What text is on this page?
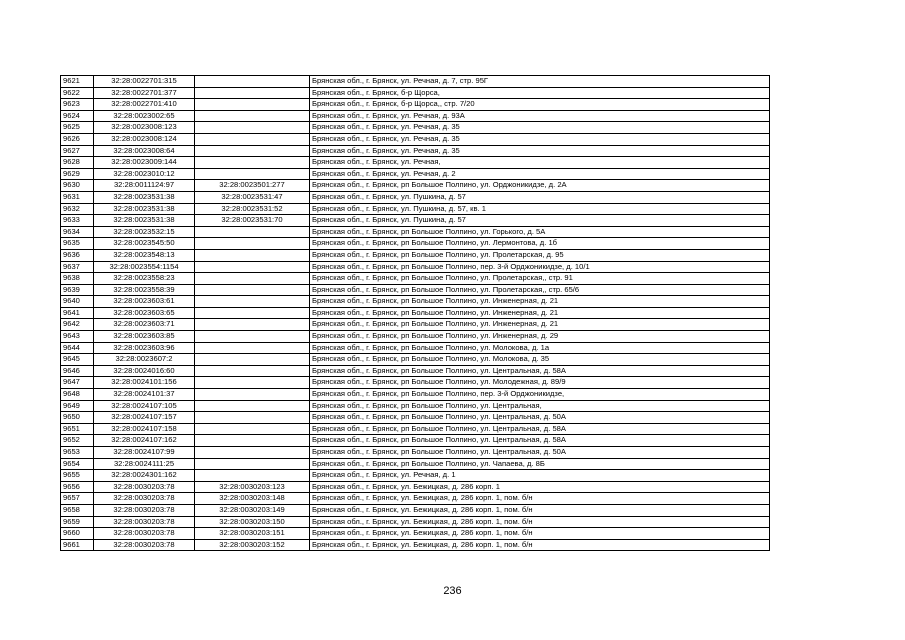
9621	32:28:0022701:315		Брянская обл., г. Брянск, ул. Речная, д. 7, стр. 95Г
9622	32:28:0022701:377		Брянская обл., г. Брянск, б-р Щорса,
9623	32:28:0022701:410		Брянская обл., г. Брянск, б-р Щорса,, стр. 7/20
9624	32:28:0023002:65		Брянская обл., г. Брянск, ул. Речная, д. 93А
9625	32:28:0023008:123		Брянская обл., г. Брянск, ул. Речная, д. 35
9626	32:28:0023008:124		Брянская обл., г. Брянск, ул. Речная, д. 35
9627	32:28:0023008:64		Брянская обл., г. Брянск, ул. Речная, д. 35
9628	32:28:0023009:144		Брянская обл., г. Брянск, ул. Речная,
9629	32:28:0023010:12		Брянская обл., г. Брянск, ул. Речная, д. 2
9630	32:28:0011124:97	32:28:0023501:277	Брянская обл., г. Брянск, рп Большое Полпино, ул. Орджоникидзе, д. 2А
9631	32:28:0023531:38	32:28:0023531:47	Брянская обл., г. Брянск, ул. Пушкина, д. 57
9632	32:28:0023531:38	32:28:0023531:52	Брянская обл., г. Брянск, ул. Пушкина, д. 57, кв. 1
9633	32:28:0023531:38	32:28:0023531:70	Брянская обл., г. Брянск, ул. Пушкина, д. 57
9634	32:28:0023532:15		Брянская обл., г. Брянск, рп Большое Полпино, ул. Горького, д. 5А
9635	32:28:0023545:50		Брянская обл., г. Брянск, рп Большое Полпино, ул. Лермонтова, д. 1б
9636	32:28:0023548:13		Брянская обл., г. Брянск, рп Большое Полпино, ул. Пролетарская, д. 95
9637	32:28:0023554:1154		Брянская обл., г. Брянск, рп Большое Полпино, пер. 3-й Орджоникидзе, д. 10/1
9638	32:28:0023558:23		Брянская обл., г. Брянск, рп Большое Полпино, ул. Пролетарская,, стр. 91
9639	32:28:0023558:39		Брянская обл., г. Брянск, рп Большое Полпино, ул. Пролетарская,, стр. 65/6
9640	32:28:0023603:61		Брянская обл., г. Брянск, рп Большое Полпино, ул. Инженерная, д. 21
9641	32:28:0023603:65		Брянская обл., г. Брянск, рп Большое Полпино, ул. Инженерная, д. 21
9642	32:28:0023603:71		Брянская обл., г. Брянск, рп Большое Полпино, ул. Инженерная, д. 21
9643	32:28:0023603:85		Брянская обл., г. Брянск, рп Большое Полпино, ул. Инженерная, д. 29
9644	32:28:0023603:96		Брянская обл., г. Брянск, рп Большое Полпино, ул. Молокова, д. 1а
9645	32:28:0023607:2		Брянская обл., г. Брянск, рп Большое Полпино, ул. Молокова, д. 35
9646	32:28:0024016:60		Брянская обл., г. Брянск, рп Большое Полпино, ул. Центральная, д. 58А
9647	32:28:0024101:156		Брянская обл., г. Брянск, рп Большое Полпино, ул. Молодежная, д. 89/9
9648	32:28:0024101:37		Брянская обл., г. Брянск, рп Большое Полпино, пер. 3-й Орджоникидзе,
9649	32:28:0024107:105		Брянская обл., г. Брянск, рп Большое Полпино, ул. Центральная,
9650	32:28:0024107:157		Брянская обл., г. Брянск, рп Большое Полпино, ул. Центральная, д. 50А
9651	32:28:0024107:158		Брянская обл., г. Брянск, рп Большое Полпино, ул. Центральная, д. 58А
9652	32:28:0024107:162		Брянская обл., г. Брянск, рп Большое Полпино, ул. Центральная, д. 58А
9653	32:28:0024107:99		Брянская обл., г. Брянск, рп Большое Полпино, ул. Центральная, д. 50А
9654	32:28:0024111:25		Брянская обл., г. Брянск, рп Большое Полпино, ул. Чапаева, д. 8Б
9655	32:28:0024301:162		Брянская обл., г. Брянск, ул. Речная, д. 1
9656	32:28:0030203:78	32:28:0030203:123	Брянская обл., г. Брянск, ул. Бежицкая, д. 286 корп. 1
9657	32:28:0030203:78	32:28:0030203:148	Брянская обл., г. Брянск, ул. Бежицкая, д. 286 корп. 1, пом. б/н
9658	32:28:0030203:78	32:28:0030203:149	Брянская обл., г. Брянск, ул. Бежицкая, д. 286 корп. 1, пом. б/н
9659	32:28:0030203:78	32:28:0030203:150	Брянская обл., г. Брянск, ул. Бежицкая, д. 286 корп. 1, пом. б/н
9660	32:28:0030203:78	32:28:0030203:151	Брянская обл., г. Брянск, ул. Бежицкая, д. 286 корп. 1, пом. б/н
9661	32:28:0030203:78	32:28:0030203:152	Брянская обл., г. Брянск, ул. Бежицкая, д. 286 корп. 1, пом. б/н
236
